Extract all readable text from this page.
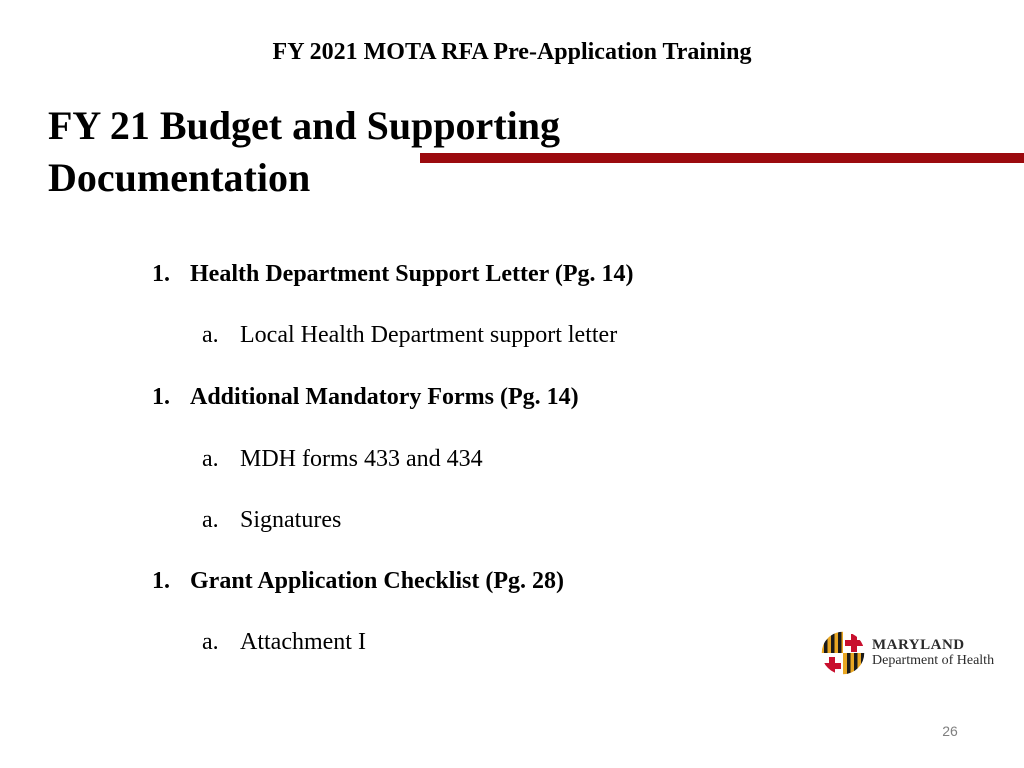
FY 2021 MOTA RFA Pre-Application Training
FY 21 Budget and Supporting
Documentation
1. Health Department Support Letter (Pg. 14)
a. Local Health Department support letter
1. Additional Mandatory Forms (Pg. 14)
a. MDH forms 433 and 434
a. Signatures
1. Grant Application Checklist (Pg. 28)
a. Attachment I	MARYLAND
Department of Health
26
